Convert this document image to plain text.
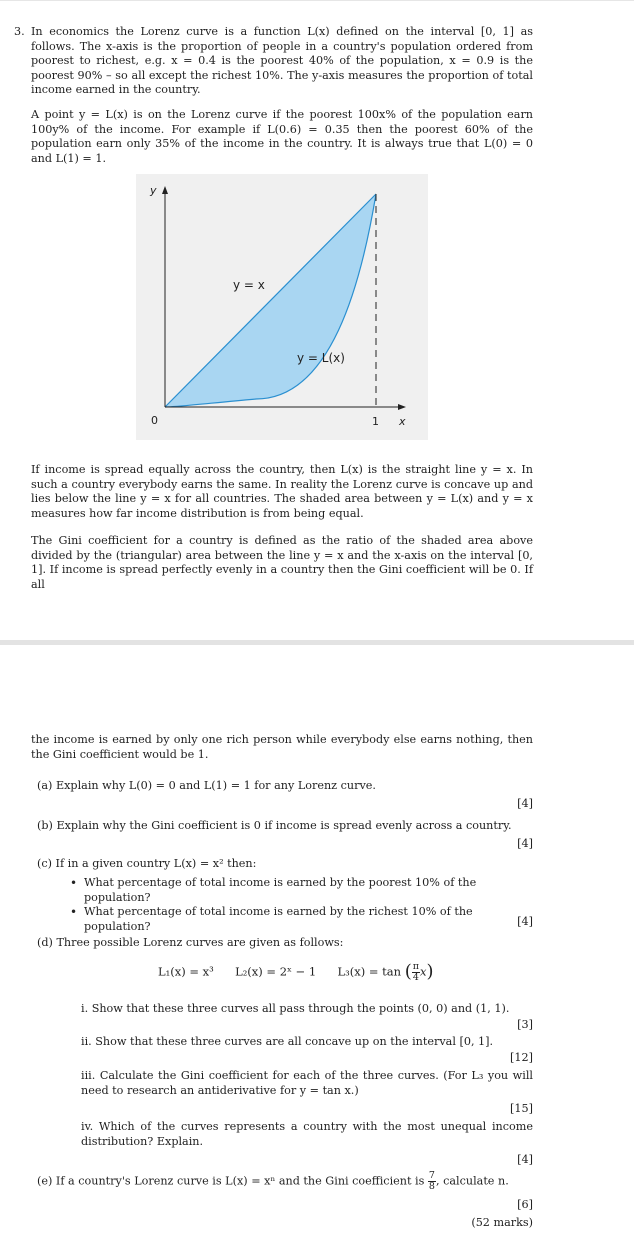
3. In economics the Lorenz curve is a function L(x) defined on the interval [0, 1] as follows. The x-axis is the proportion of people in a country's population ordered from poorest to richest, e.g. x = 0.4 is the poorest 40% of the population, x = 0.9 is the poorest 90% – so all except the richest 10%. The y-axis measures the proportion of total income earned in the country.

A point y = L(x) is on the Lorenz curve if the poorest 100x% of the population earn 100y% of the income. For example if L(0.6) = 0.35 then the poorest 60% of the population earn only 35% of the income in the country. It is always true that L(0) = 0 and L(1) = 1.

y
x
0	1
y = x
y = L(x)

If income is spread equally across the country, then L(x) is the straight line y = x. In such a country everybody earns the same. In reality the Lorenz curve is concave up and lies below the line y = x for all countries. The shaded area between y = L(x) and y = x measures how far income distribution is from being equal.

The Gini coefficient for a country is defined as the ratio of the shaded area above divided by the (triangular) area between the line y = x and the x-axis on the interval [0, 1]. If income is spread perfectly evenly in a country then the Gini coefficient will be 0. If all

the income is earned by only one rich person while everybody else earns nothing, then the Gini coefficient would be 1.

(a) Explain why L(0) = 0 and L(1) = 1 for any Lorenz curve.

[4]

(b) Explain why the Gini coefficient is 0 if income is spread evenly across a country.

[4]

(c) If in a given country L(x) = x² then:

• What percentage of total income is earned by the poorest 10% of the population?
• What percentage of total income is earned by the richest 10% of the population?	[4]

(d) Three possible Lorenz curves are given as follows:

L₁(x) = x³ L₂(x) = 2ˣ − 1 L₃(x) = tan ( $\frac{\pi}{4} x$)

i. Show that these three curves all pass through the points (0, 0) and (1, 1).

[3]

ii. Show that these three curves are all concave up on the interval [0, 1].

[12]

iii. Calculate the Gini coefficient for each of the three curves. (For L₃ you will need to research an antiderivative for y = tan x.)

[15]

iv. Which of the curves represents a country with the most unequal income distribution? Explain.

[4]
(e) If a country's Lorenz curve is L(x) = xⁿ and the Gini coefficient is $\frac{7}{8}$ , calculate n.
[6]
(52 marks)
